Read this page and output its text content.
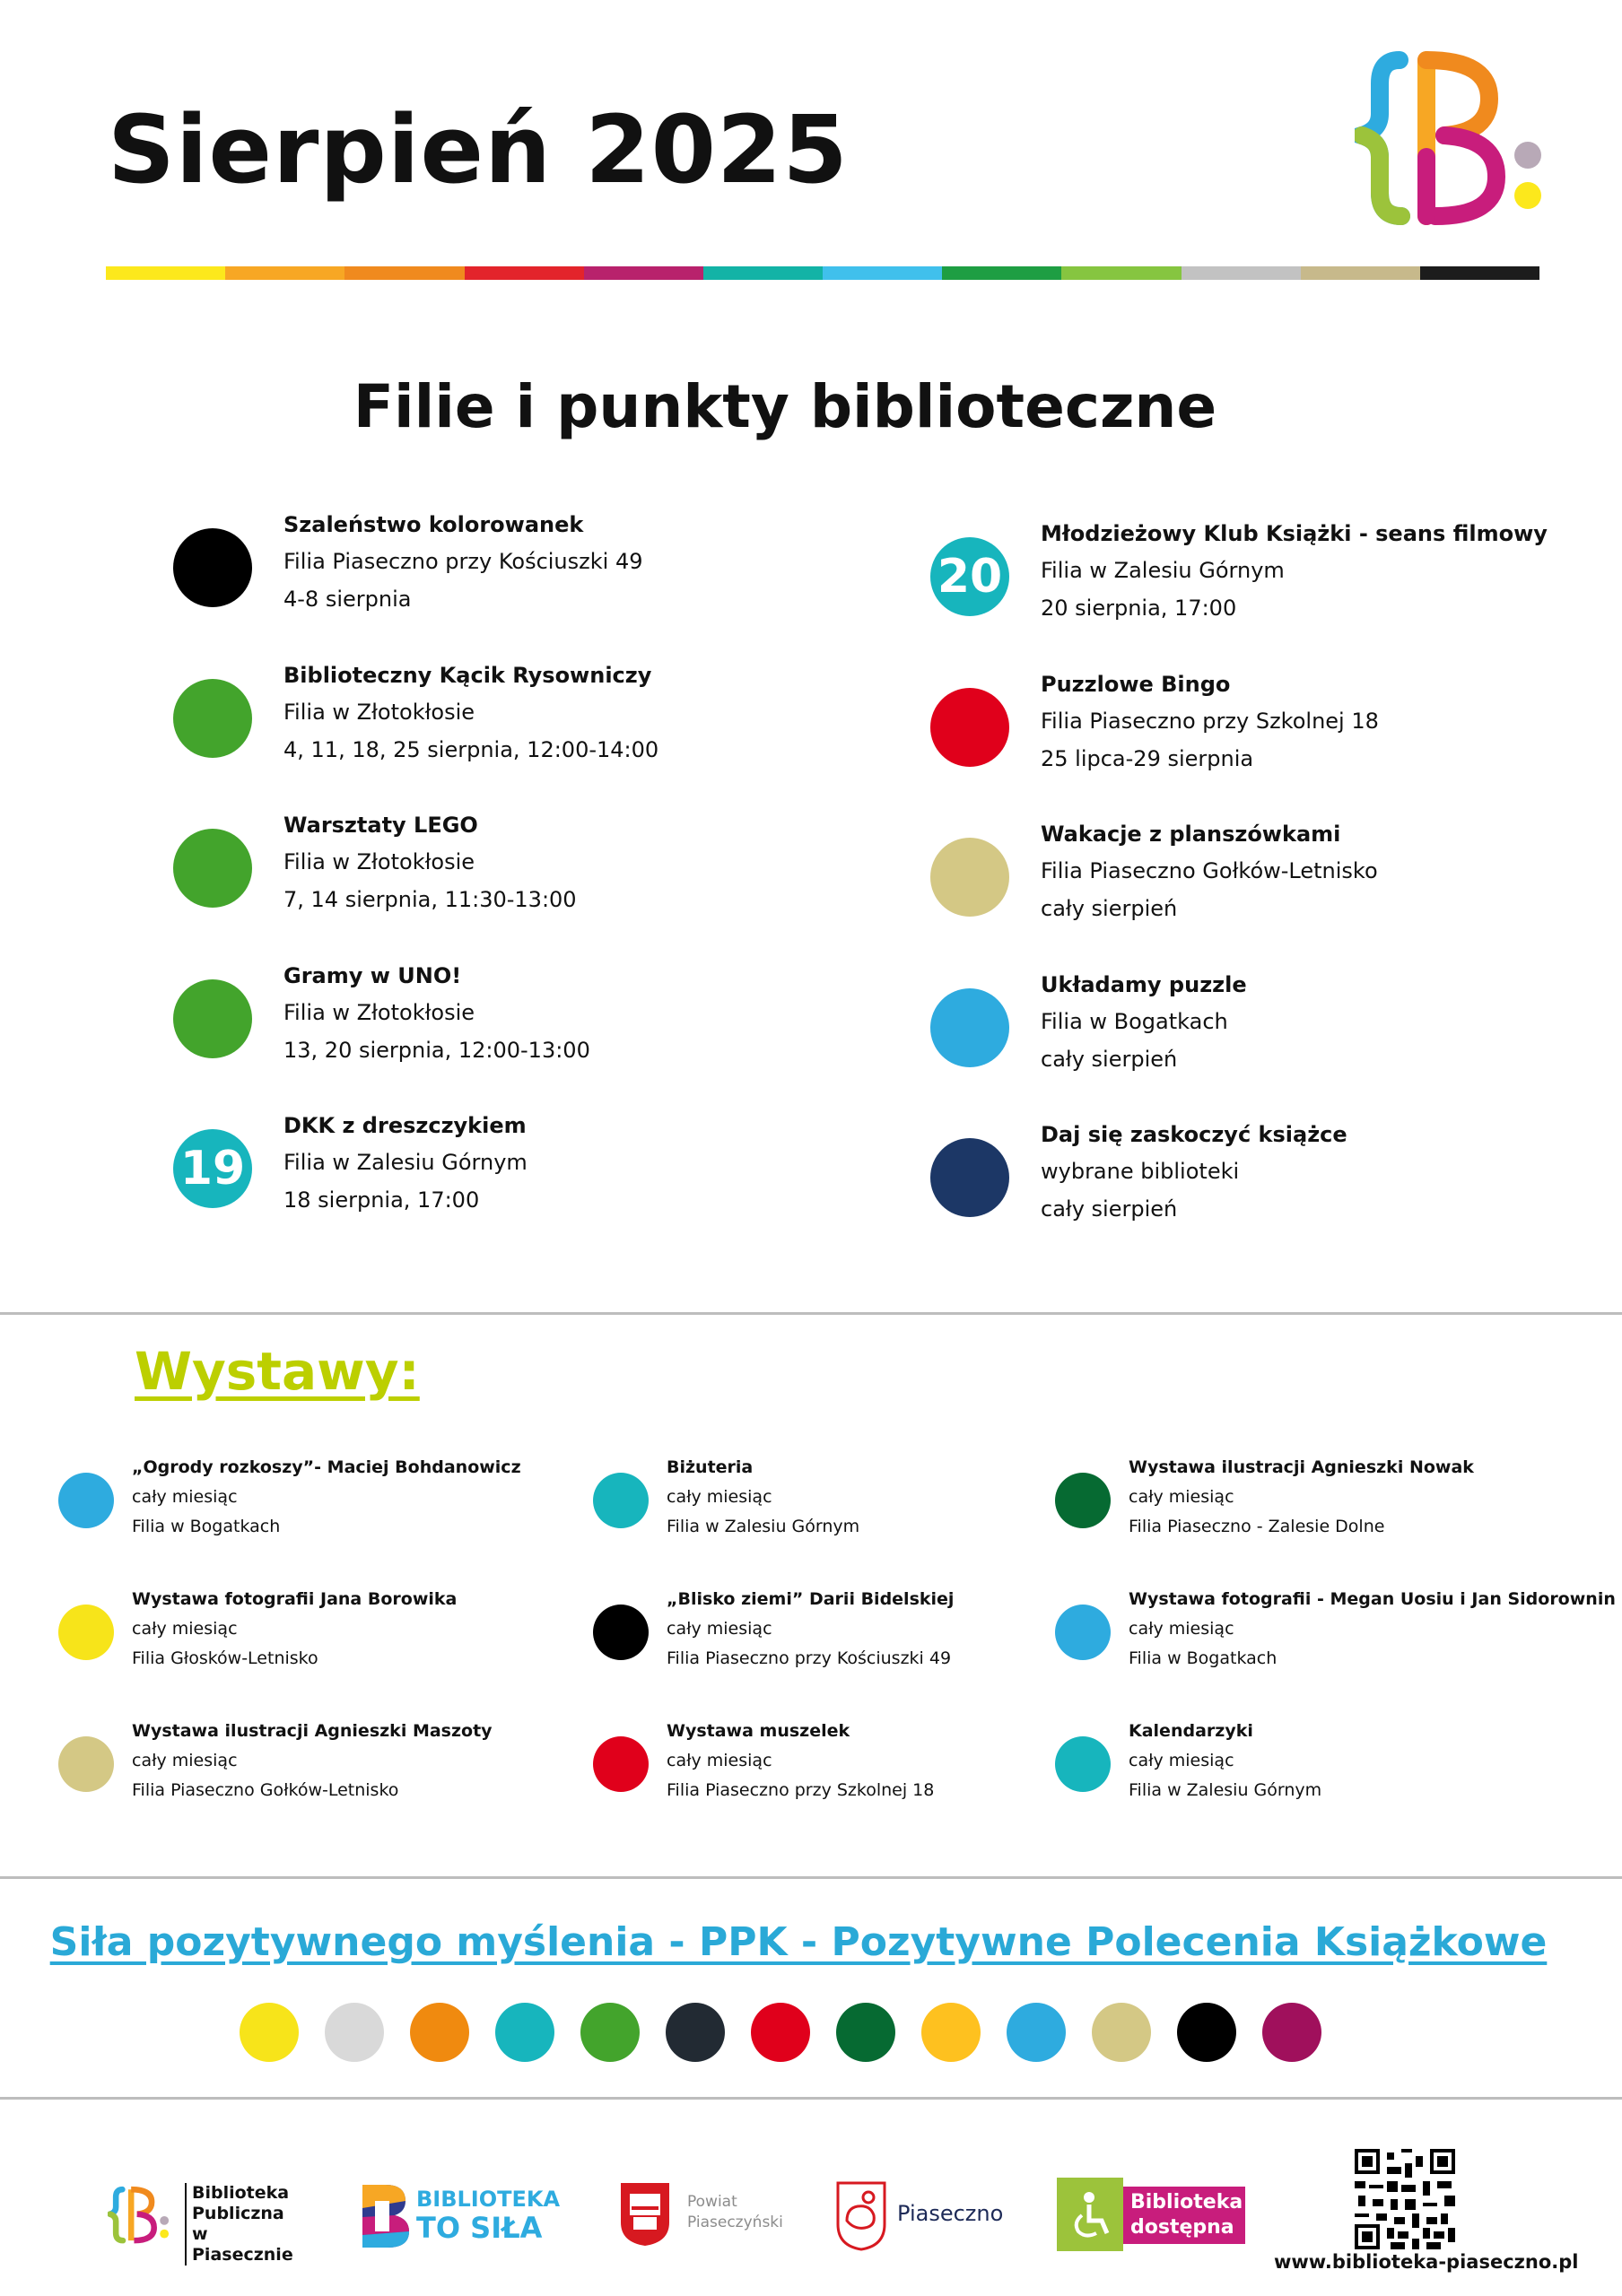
Sierpień 2025
Filie i punkty biblioteczne
Szaleństwo kolorowanek
Filia Piaseczno przy Kościuszki 49
4-8 sierpnia
Biblioteczny Kącik Rysowniczy
Filia w Złotokłosie
4, 11, 18, 25 sierpnia, 12:00-14:00
Warsztaty LEGO
Filia w Złotokłosie
7, 14 sierpnia, 11:30-13:00
Gramy w UNO!
Filia w Złotokłosie
13, 20 sierpnia, 12:00-13:00
19
DKK z dreszczykiem
Filia w Zalesiu Górnym
18 sierpnia, 17:00
20
Młodzieżowy Klub Książki - seans filmowy
Filia w Zalesiu Górnym
20 sierpnia, 17:00
Puzzlowe Bingo
Filia Piaseczno przy Szkolnej 18
25 lipca-29 sierpnia
Wakacje z planszówkami
Filia Piaseczno Gołków-Letnisko
cały sierpień
Układamy puzzle
Filia w Bogatkach
cały sierpień
Daj się zaskoczyć książce
wybrane biblioteki
cały sierpień
Wystawy:
„Ogrody rozkoszy”- Maciej Bohdanowicz
cały miesiąc
Filia w Bogatkach
Biżuteria
cały miesiąc
Filia w Zalesiu Górnym
Wystawa ilustracji Agnieszki Nowak
cały miesiąc
Filia Piaseczno - Zalesie Dolne
Wystawa fotografii Jana Borowika
cały miesiąc
Filia Głosków-Letnisko
„Blisko ziemi” Darii Bidelskiej
cały miesiąc
Filia Piaseczno przy Kościuszki 49
Wystawa fotografii - Megan Uosiu i Jan Sidorownin
cały miesiąc
Filia w Bogatkach
Wystawa ilustracji Agnieszki Maszoty
cały miesiąc
Filia Piaseczno Gołków-Letnisko
Wystawa muszelek
cały miesiąc
Filia Piaseczno przy Szkolnej 18
Kalendarzyki
cały miesiąc
Filia w Zalesiu Górnym
Siła pozytywnego myślenia - PPK - Pozytywne Polecenia Książkowe
Biblioteka
Publiczna
w Piasecznie
BIBLIOTEKA
TO SIŁA
Powiat
Piaseczyński	Piaseczno	Biblioteka
dostępna
www.biblioteka-piaseczno.pl
